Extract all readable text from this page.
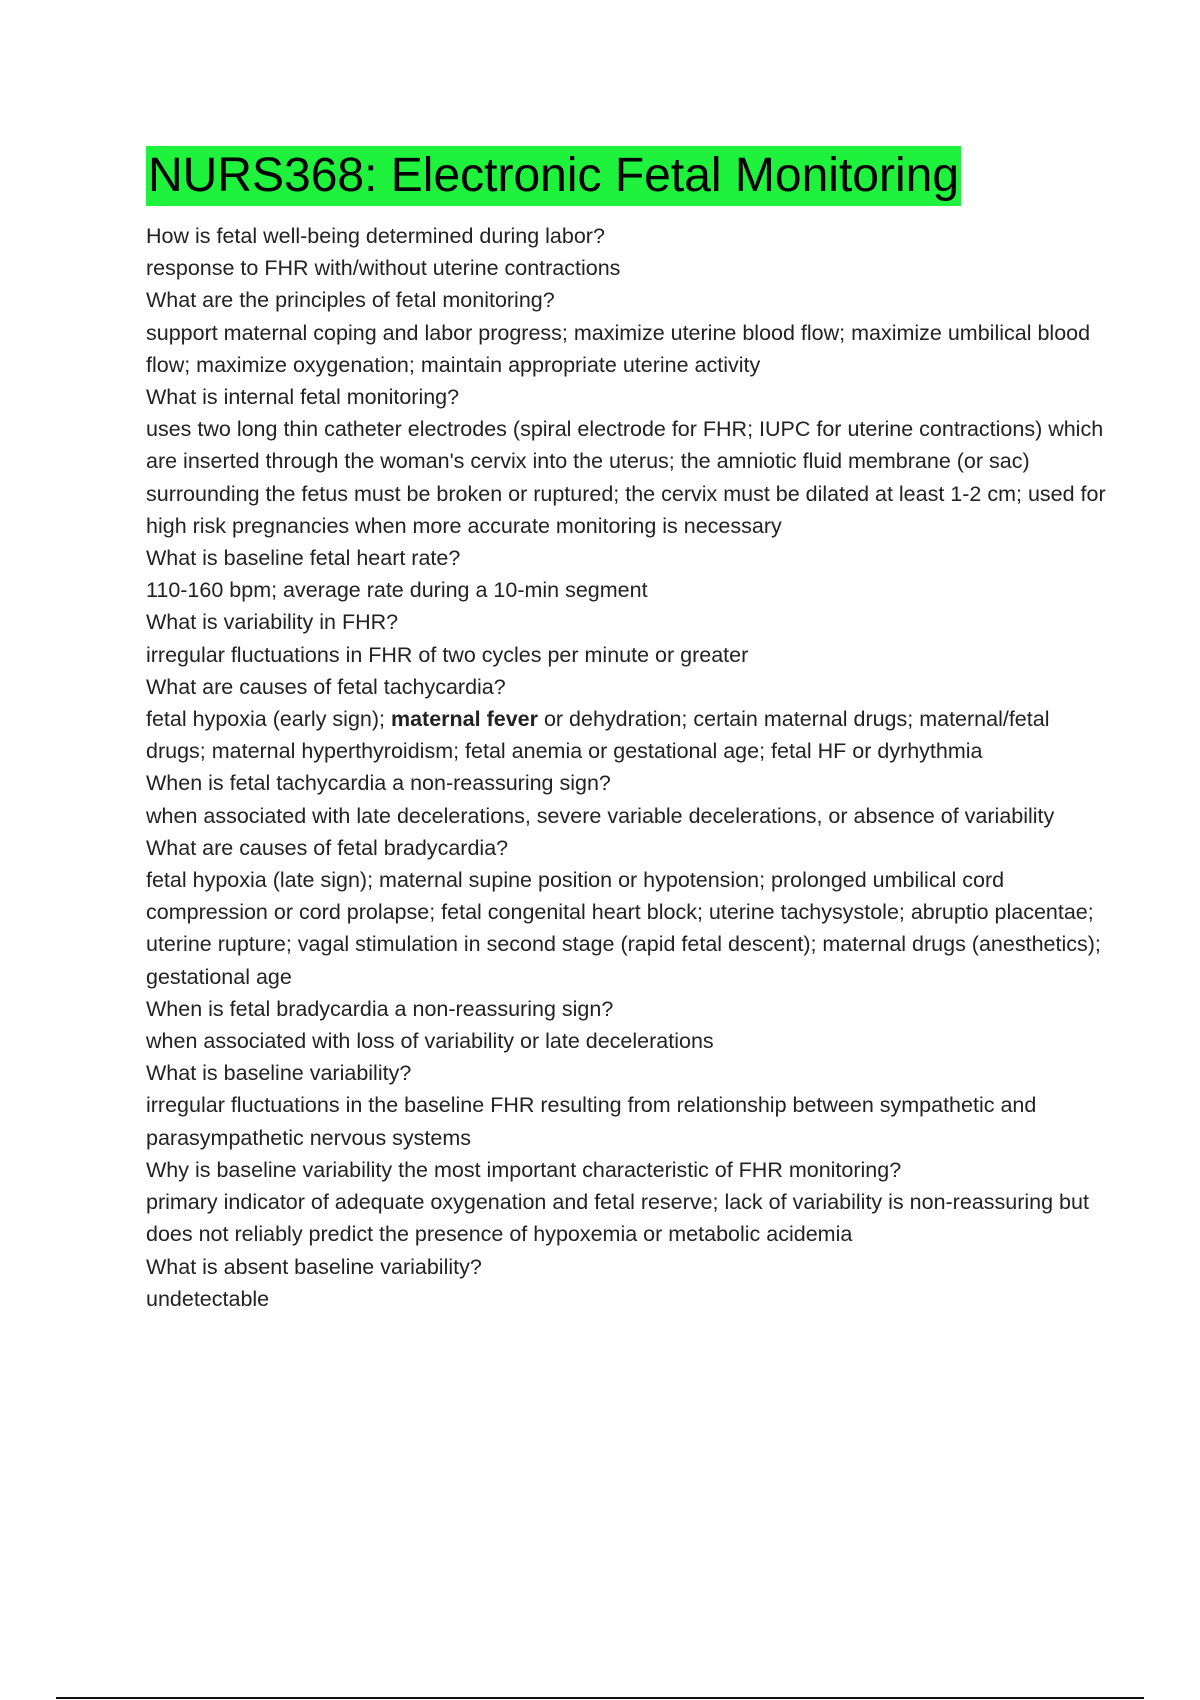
NURS368: Electronic Fetal Monitoring

How is fetal well-being determined during labor?

response to FHR with/without uterine contractions

What are the principles of fetal monitoring?

support maternal coping and labor progress; maximize uterine blood flow; maximize umbilical blood flow; maximize oxygenation; maintain appropriate uterine activity

What is internal fetal monitoring?

uses two long thin catheter electrodes (spiral electrode for FHR; IUPC for uterine contractions) which are inserted through the woman's cervix into the uterus; the amniotic fluid membrane (or sac) surrounding the fetus must be broken or ruptured; the cervix must be dilated at least 1-2 cm; used for high risk pregnancies when more accurate monitoring is necessary

What is baseline fetal heart rate?

110-160 bpm; average rate during a 10-min segment

What is variability in FHR?

irregular fluctuations in FHR of two cycles per minute or greater

What are causes of fetal tachycardia?

fetal hypoxia (early sign); maternal fever or dehydration; certain maternal drugs; maternal/fetal drugs; maternal hyperthyroidism; fetal anemia or gestational age; fetal HF or dyrhythmia

When is fetal tachycardia a non-reassuring sign?

when associated with late decelerations, severe variable decelerations, or absence of variability

What are causes of fetal bradycardia?

fetal hypoxia (late sign); maternal supine position or hypotension; prolonged umbilical cord compression or cord prolapse; fetal congenital heart block; uterine tachysystole; abruptio placentae; uterine rupture; vagal stimulation in second stage (rapid fetal descent); maternal drugs (anesthetics); gestational age

When is fetal bradycardia a non-reassuring sign?

when associated with loss of variability or late decelerations

What is baseline variability?

irregular fluctuations in the baseline FHR resulting from relationship between sympathetic and parasympathetic nervous systems

Why is baseline variability the most important characteristic of FHR monitoring?

primary indicator of adequate oxygenation and fetal reserve; lack of variability is non-reassuring but does not reliably predict the presence of hypoxemia or metabolic acidemia

What is absent baseline variability?

undetectable
